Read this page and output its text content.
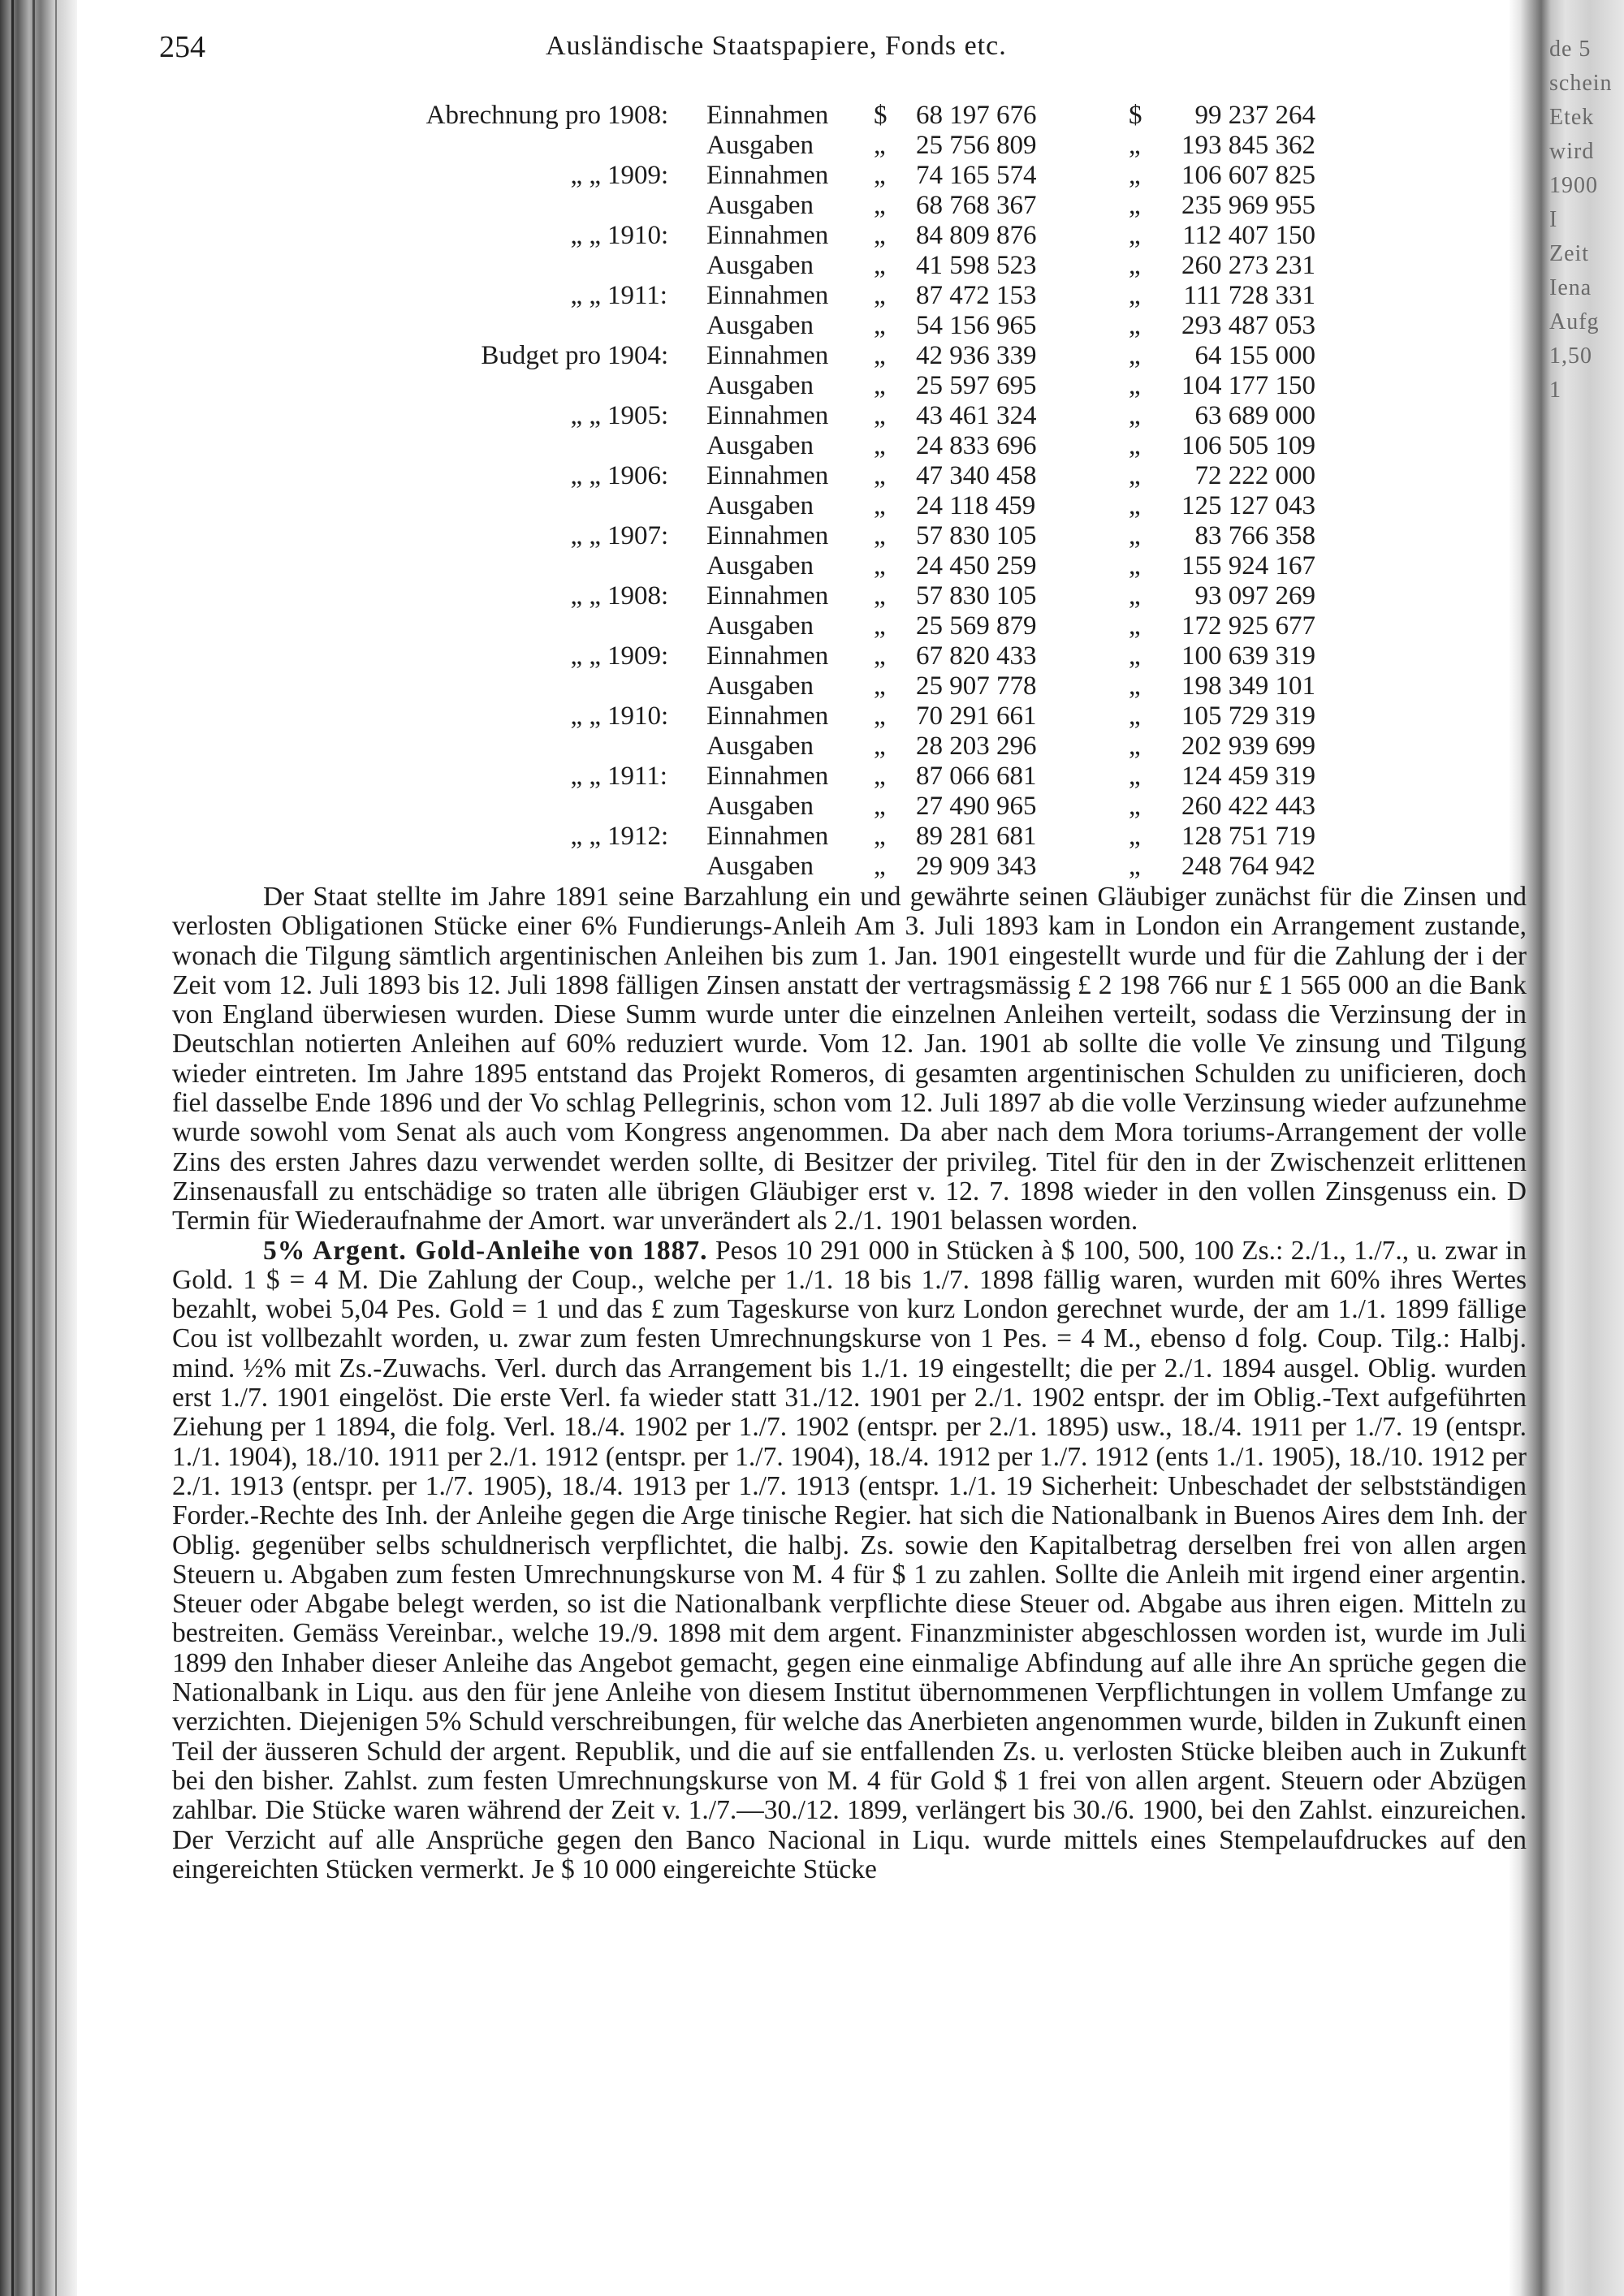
de 5
schein
Etek
wird
1900
I
Zeit
Iena
Aufg
1,50
1
254	Ausländische Staatspapiere, Fonds etc.
Abrechnung pro 1908: Einnahmen $ 68 197 676	$	99 237 264
Ausgaben „ 25 756 809	„	193 845 362
„ „ 1909: Einnahmen „ 74 165 574	„	106 607 825
Ausgaben „ 68 768 367	„	235 969 955
„ „ 1910: Einnahmen „ 84 809 876	„	112 407 150
Ausgaben „ 41 598 523	„	260 273 231
„ „ 1911: Einnahmen „ 87 472 153	„	111 728 331
Ausgaben „ 54 156 965	„	293 487 053
Budget pro 1904: Einnahmen „ 42 936 339	„	64 155 000
Ausgaben „ 25 597 695	„	104 177 150
„ „ 1905: Einnahmen „ 43 461 324	„	63 689 000
Ausgaben „ 24 833 696	„	106 505 109
„ „ 1906: Einnahmen „ 47 340 458	„	72 222 000
Ausgaben „ 24 118 459	„	125 127 043
„ „ 1907: Einnahmen „ 57 830 105	„	83 766 358
Ausgaben „ 24 450 259	„	155 924 167
„ „ 1908: Einnahmen „ 57 830 105	„	93 097 269
Ausgaben „ 25 569 879	„	172 925 677
„ „ 1909: Einnahmen „ 67 820 433	„	100 639 319
Ausgaben „ 25 907 778	„	198 349 101
„ „ 1910: Einnahmen „ 70 291 661	„	105 729 319
Ausgaben „ 28 203 296	„	202 939 699
„ „ 1911: Einnahmen „ 87 066 681	„	124 459 319
Ausgaben „ 27 490 965	„	260 422 443
„ „ 1912: Einnahmen „ 89 281 681	„	128 751 719
Ausgaben „ 29 909 343	„	248 764 942

Der Staat stellte im Jahre 1891 seine Barzahlung ein und gewährte seinen Gläubiger zunächst für die Zinsen und verlosten Obligationen Stücke einer 6% Fundierungs-Anleih Am 3. Juli 1893 kam in London ein Arrangement zustande, wonach die Tilgung sämtlich argentinischen Anleihen bis zum 1. Jan. 1901 eingestellt wurde und für die Zahlung der i der Zeit vom 12. Juli 1893 bis 12. Juli 1898 fälligen Zinsen anstatt der vertragsmässig £ 2 198 766 nur £ 1 565 000 an die Bank von England überwiesen wurden. Diese Summ wurde unter die einzelnen Anleihen verteilt, sodass die Verzinsung der in Deutschlan notierten Anleihen auf 60% reduziert wurde. Vom 12. Jan. 1901 ab sollte die volle Ve zinsung und Tilgung wieder eintreten. Im Jahre 1895 entstand das Projekt Romeros, di gesamten argentinischen Schulden zu unificieren, doch fiel dasselbe Ende 1896 und der Vo schlag Pellegrinis, schon vom 12. Juli 1897 ab die volle Verzinsung wieder aufzunehme wurde sowohl vom Senat als auch vom Kongress angenommen. Da aber nach dem Mora toriums-Arrangement der volle Zins des ersten Jahres dazu verwendet werden sollte, di Besitzer der privileg. Titel für den in der Zwischenzeit erlittenen Zinsenausfall zu entschädige so traten alle übrigen Gläubiger erst v. 12. 7. 1898 wieder in den vollen Zinsgenuss ein. D Termin für Wiederaufnahme der Amort. war unverändert als 2./1. 1901 belassen worden.

5% Argent. Gold-Anleihe von 1887. Pesos 10 291 000 in Stücken à $ 100, 500, 100 Zs.: 2./1., 1./7., u. zwar in Gold. 1 $ = 4 M. Die Zahlung der Coup., welche per 1./1. 18 bis 1./7. 1898 fällig waren, wurden mit 60% ihres Wertes bezahlt, wobei 5,04 Pes. Gold = 1 und das £ zum Tageskurse von kurz London gerechnet wurde, der am 1./1. 1899 fällige Cou ist vollbezahlt worden, u. zwar zum festen Umrechnungskurse von 1 Pes. = 4 M., ebenso d folg. Coup. Tilg.: Halbj. mind. ½% mit Zs.-Zuwachs. Verl. durch das Arrangement bis 1./1. 19 eingestellt; die per 2./1. 1894 ausgel. Oblig. wurden erst 1./7. 1901 eingelöst. Die erste Verl. fa wieder statt 31./12. 1901 per 2./1. 1902 entspr. der im Oblig.-Text aufgeführten Ziehung per 1 1894, die folg. Verl. 18./4. 1902 per 1./7. 1902 (entspr. per 2./1. 1895) usw., 18./4. 1911 per 1./7. 19 (entspr. 1./1. 1904), 18./10. 1911 per 2./1. 1912 (entspr. per 1./7. 1904), 18./4. 1912 per 1./7. 1912 (ents 1./1. 1905), 18./10. 1912 per 2./1. 1913 (entspr. per 1./7. 1905), 18./4. 1913 per 1./7. 1913 (entspr. 1./1. 19 Sicherheit: Unbeschadet der selbstständigen Forder.-Rechte des Inh. der Anleihe gegen die Arge tinische Regier. hat sich die Nationalbank in Buenos Aires dem Inh. der Oblig. gegenüber selbs schuldnerisch verpflichtet, die halbj. Zs. sowie den Kapitalbetrag derselben frei von allen argen Steuern u. Abgaben zum festen Umrechnungskurse von M. 4 für $ 1 zu zahlen. Sollte die Anleih mit irgend einer argentin. Steuer oder Abgabe belegt werden, so ist die Nationalbank verpflichte diese Steuer od. Abgabe aus ihren eigen. Mitteln zu bestreiten. Gemäss Vereinbar., welche 19./9. 1898 mit dem argent. Finanzminister abgeschlossen worden ist, wurde im Juli 1899 den Inhaber dieser Anleihe das Angebot gemacht, gegen eine einmalige Abfindung auf alle ihre An sprüche gegen die Nationalbank in Liqu. aus den für jene Anleihe von diesem Institut übernommenen Verpflichtungen in vollem Umfange zu verzichten. Diejenigen 5% Schuld verschreibungen, für welche das Anerbieten angenommen wurde, bilden in Zukunft einen Teil der äusseren Schuld der argent. Republik, und die auf sie entfallenden Zs. u. verlosten Stücke bleiben auch in Zukunft bei den bisher. Zahlst. zum festen Umrechnungskurse von M. 4 für Gold $ 1 frei von allen argent. Steuern oder Abzügen zahlbar. Die Stücke waren während der Zeit v. 1./7.—30./12. 1899, verlängert bis 30./6. 1900, bei den Zahlst. einzureichen. Der Verzicht auf alle Ansprüche gegen den Banco Nacional in Liqu. wurde mittels eines Stempelaufdruckes auf den eingereichten Stücken vermerkt. Je $ 10 000 eingereichte Stücke
